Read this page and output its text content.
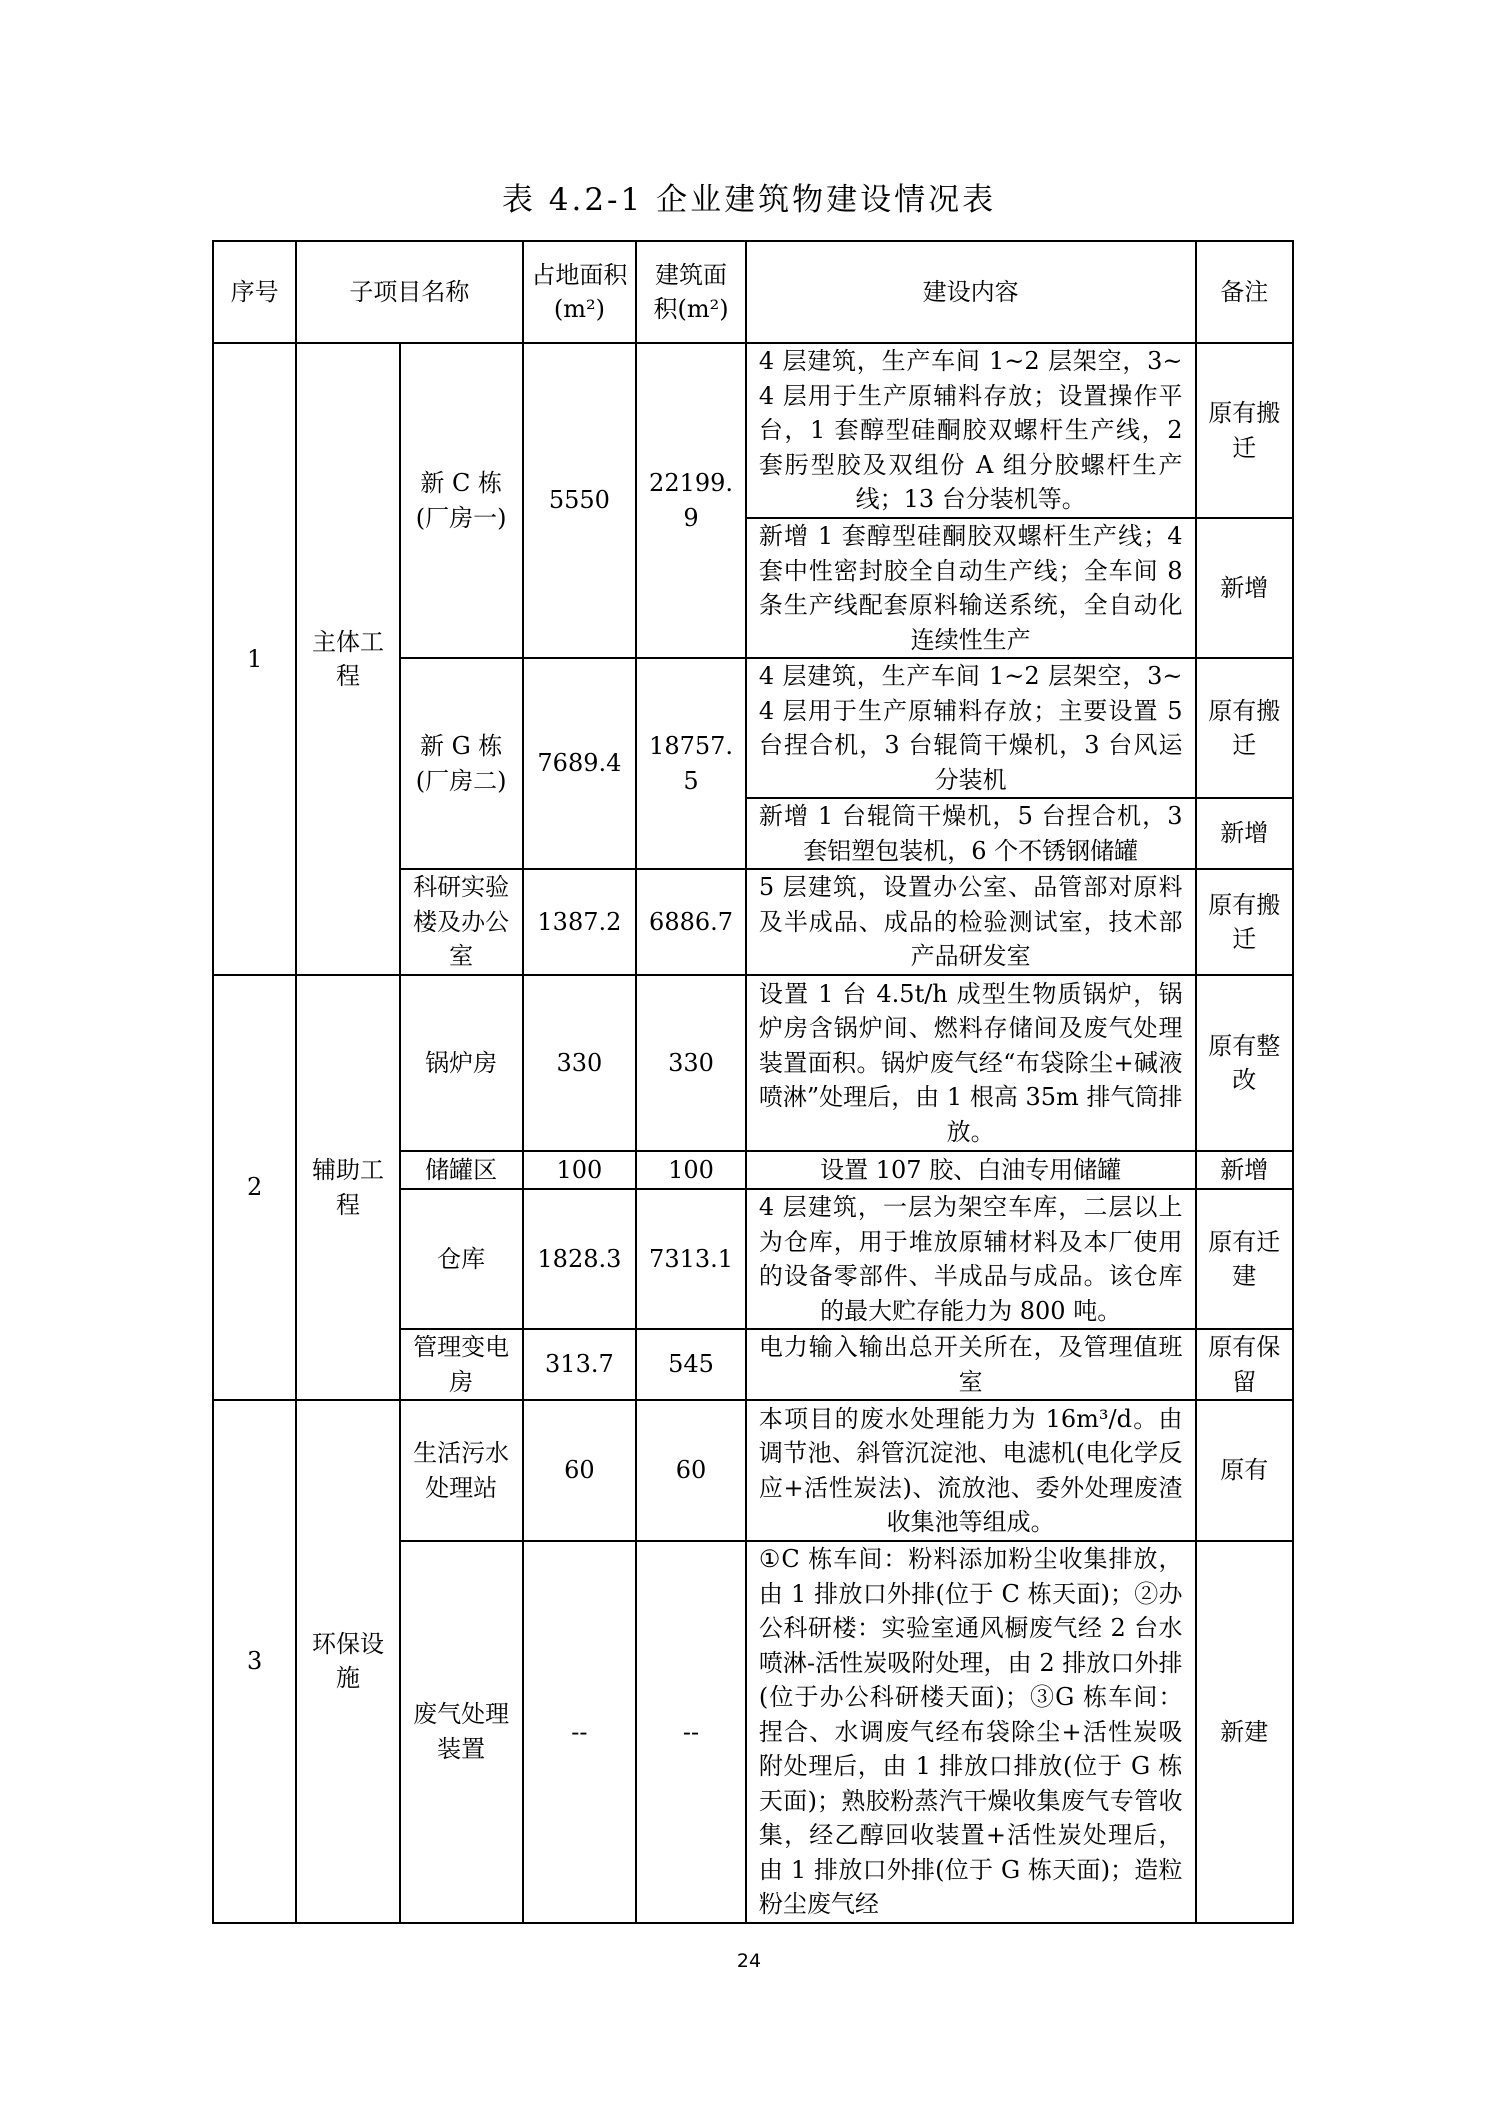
表 4.2-1 企业建筑物建设情况表
序号	子项目名称		占地面积(m²)	建筑面积(m²)	建设内容	备注
1	主体工程	新 C 栋(厂房一)	5550	22199.9	4 层建筑，生产车间 1~2 层架空，3~4 层用于生产原辅料存放；设置操作平台，1 套醇型硅酮胶双螺杆生产线，2 套肟型胶及双组份 A 组分胶螺杆生产线；13 台分装机等。	原有搬迁
					新增 1 套醇型硅酮胶双螺杆生产线；4 套中性密封胶全自动生产线；全车间 8 条生产线配套原料输送系统，全自动化连续性生产	新增
		新 G 栋(厂房二)	7689.4	18757.5	4 层建筑，生产车间 1~2 层架空，3~4 层用于生产原辅料存放；主要设置 5 台捏合机，3 台辊筒干燥机，3 台风运分装机	原有搬迁
					新增 1 台辊筒干燥机，5 台捏合机，3 套铝塑包装机，6 个不锈钢储罐	新增
		科研实验楼及办公室	1387.2	6886.7	5 层建筑，设置办公室、品管部对原料及半成品、成品的检验测试室，技术部产品研发室	原有搬迁
2	辅助工程	锅炉房	330	330	设置 1 台 4.5t/h 成型生物质锅炉，锅炉房含锅炉间、燃料存储间及废气处理装置面积。锅炉废气经“布袋除尘+碱液喷淋”处理后，由 1 根高 35m 排气筒排放。	原有整改
		储罐区	100	100	设置 107 胶、白油专用储罐	新增
		仓库	1828.3	7313.1	4 层建筑，一层为架空车库，二层以上为仓库，用于堆放原辅材料及本厂使用的设备零部件、半成品与成品。该仓库的最大贮存能力为 800 吨。	原有迁建
		管理变电房	313.7	545	电力输入输出总开关所在，及管理值班室	原有保留
3	环保设施	生活污水处理站	60	60	本项目的废水处理能力为 16m³/d。由调节池、斜管沉淀池、电滤机(电化学反应+活性炭法)、流放池、委外处理废渣收集池等组成。	原有
		废气处理装置	--	--	①C 栋车间：粉料添加粉尘收集排放，由 1 排放口外排(位于 C 栋天面)；②办公科研楼：实验室通风橱废气经 2 台水喷淋-活性炭吸附处理，由 2 排放口外排(位于办公科研楼天面)；③G 栋车间：捏合、水调废气经布袋除尘+活性炭吸附处理后，由 1 排放口排放(位于 G 栋天面)；熟胶粉蒸汽干燥收集废气专管收集，经乙醇回收装置+活性炭处理后，由 1 排放口外排(位于 G 栋天面)；造粒粉尘废气经	新建
24
